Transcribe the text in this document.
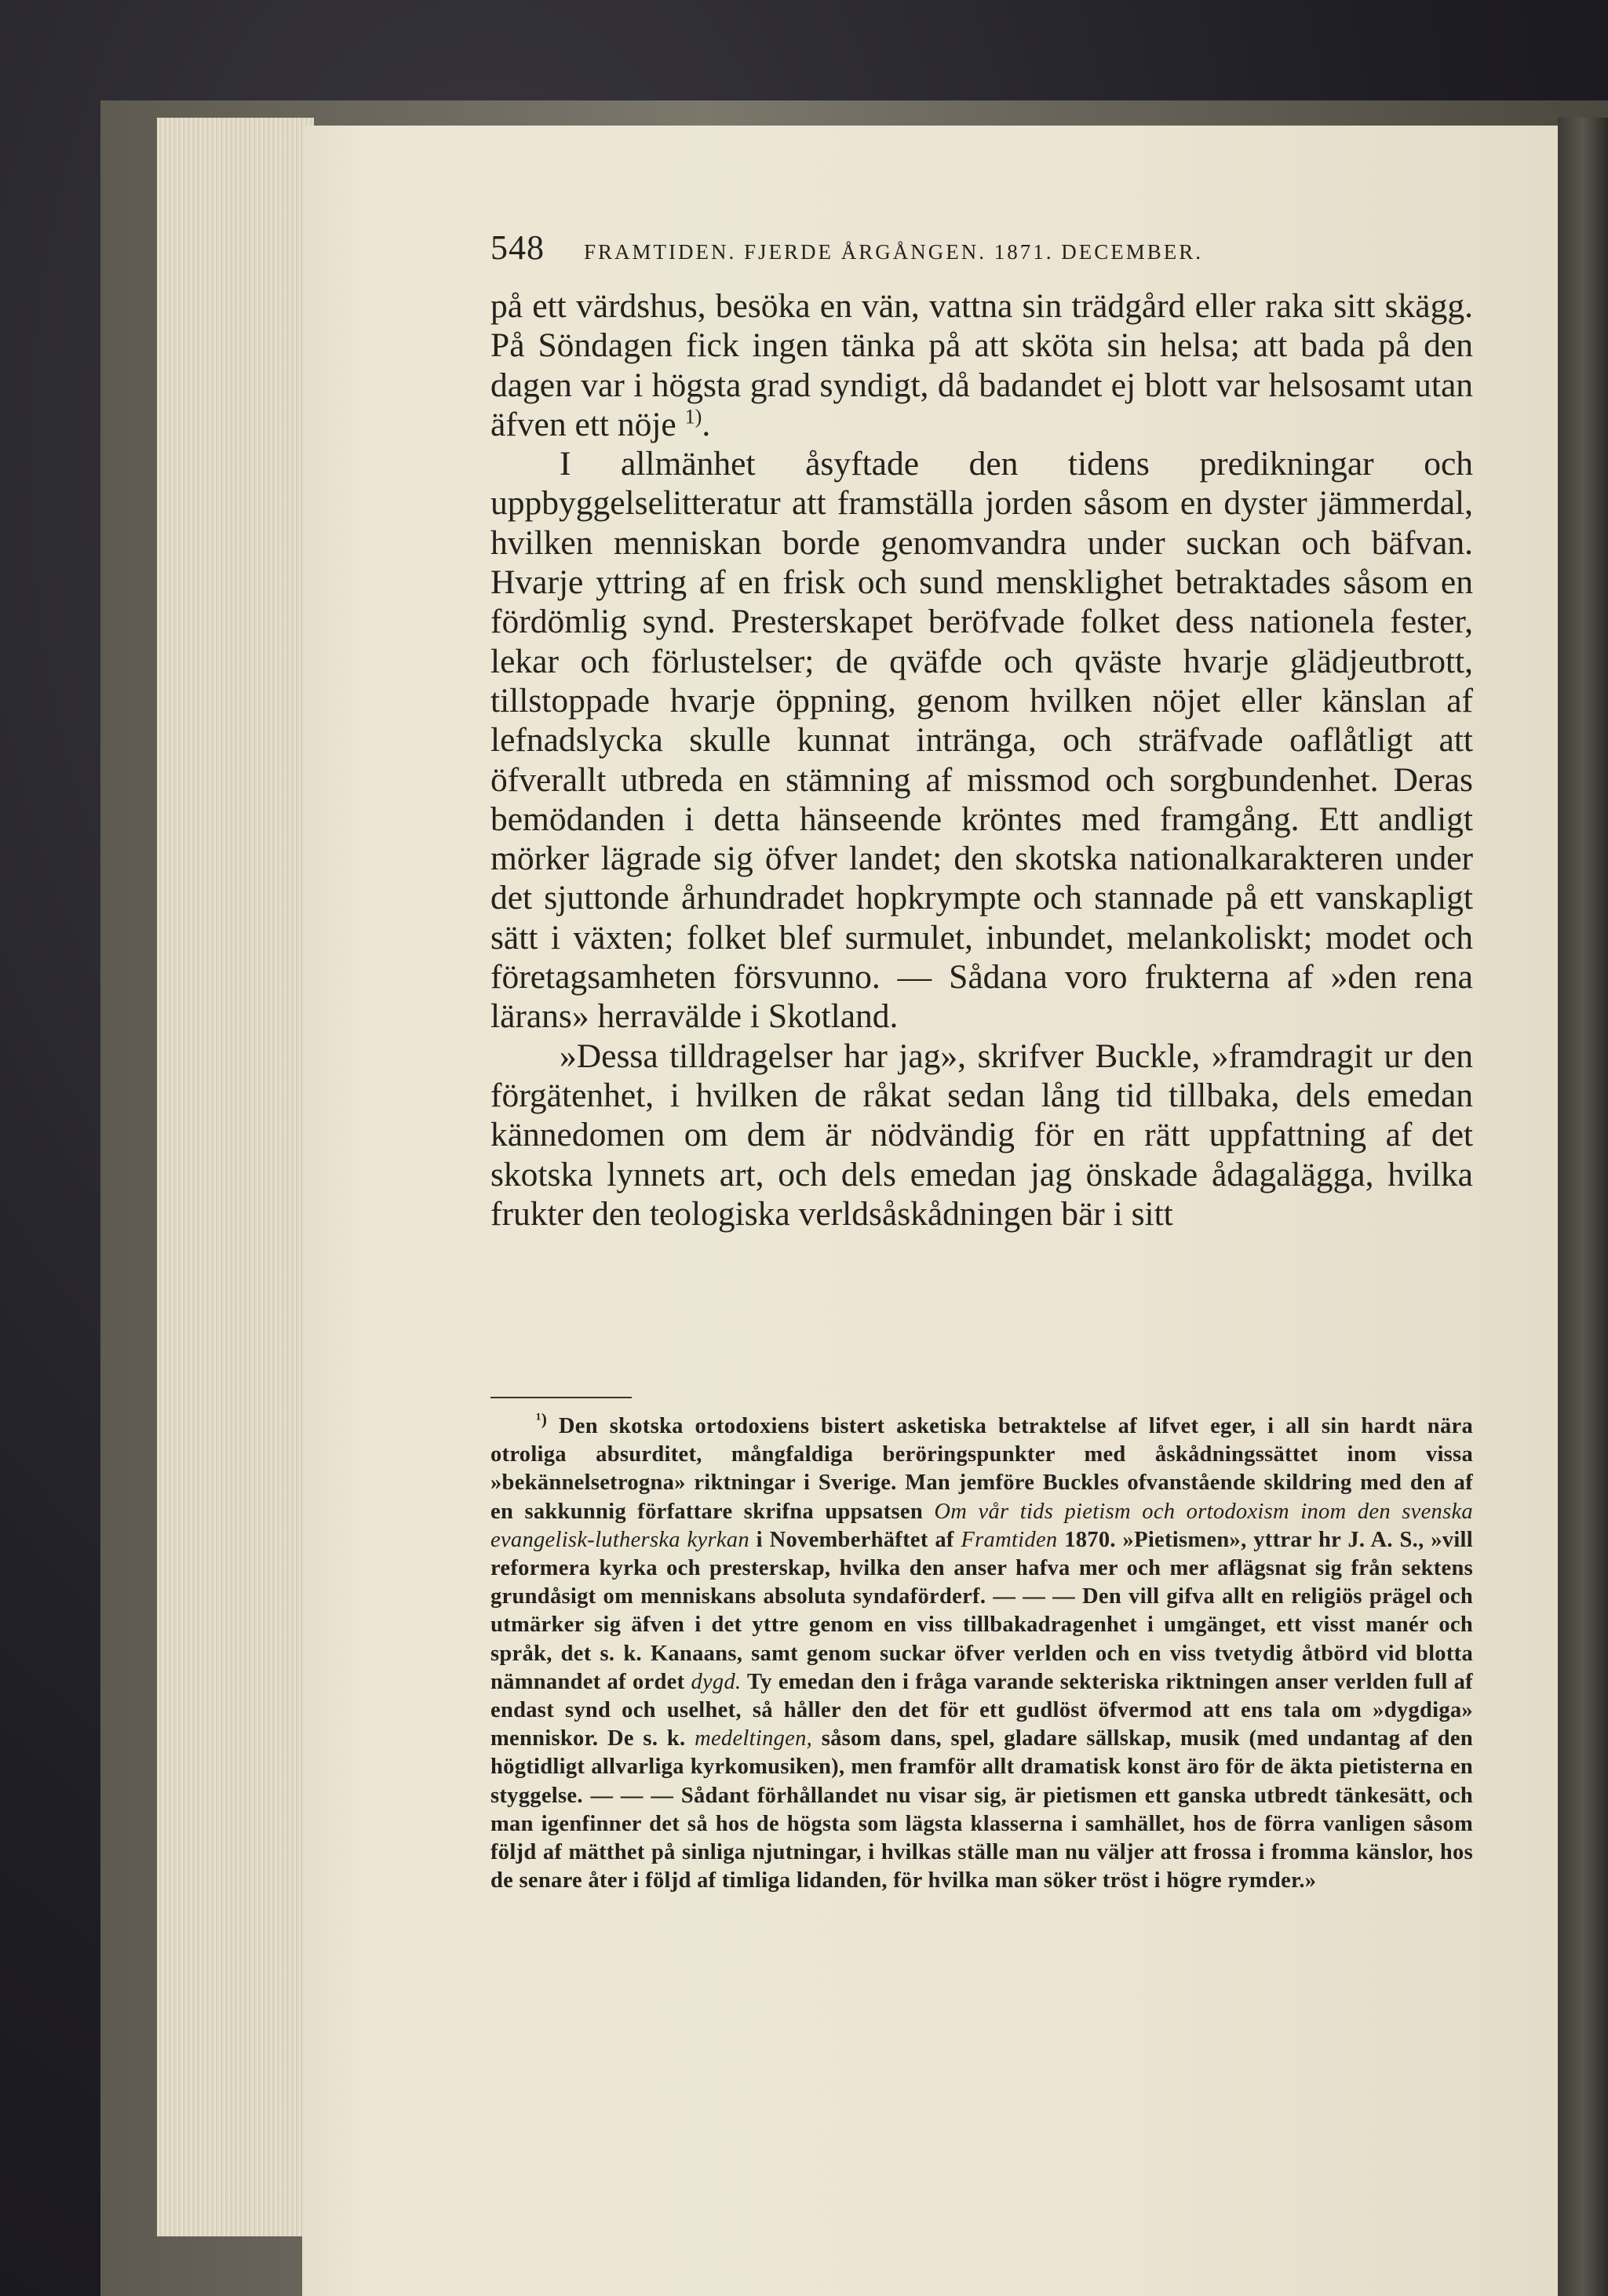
548 FRAMTIDEN. FJERDE ÅRGÅNGEN. 1871. DECEMBER.

på ett värdshus, besöka en vän, vattna sin trädgård eller raka sitt skägg. På Söndagen fick ingen tänka på att sköta sin helsa; att bada på den dagen var i högsta grad syndigt, då badandet ej blott var helsosamt utan äfven ett nöje $^{1)}$.

I allmänhet åsyftade den tidens predikningar och uppbyggelselitteratur att framställa jorden såsom en dyster jämmerdal, hvilken menniskan borde genomvandra under suckan och bäfvan. Hvarje yttring af en frisk och sund mensklighet betraktades såsom en fördömlig synd. Presterskapet beröfvade folket dess nationela fester, lekar och förlustelser; de qväfde och qväste hvarje glädjeutbrott, tillstoppade hvarje öppning, genom hvilken nöjet eller känslan af lefnadslycka skulle kunnat intränga, och sträfvade oaflåtligt att öfverallt utbreda en stämning af missmod och sorgbundenhet. Deras bemödanden i detta hänseende kröntes med framgång. Ett andligt mörker lägrade sig öfver landet; den skotska nationalkarakteren under det sjuttonde århundradet hopkrympte och stannade på ett vanskapligt sätt i växten; folket blef surmulet, inbundet, melankoliskt; modet och företagsamheten försvunno. — Sådana voro frukterna af »den rena lärans» herravälde i Skotland.

»Dessa tilldragelser har jag», skrifver Buckle, »framdragit ur den förgätenhet, i hvilken de råkat sedan lång tid tillbaka, dels emedan kännedomen om dem är nödvändig för en rätt uppfattning af det skotska lynnets art, och dels emedan jag önskade ådagalägga, hvilka frukter den teologiska verldsåskådningen bär i sitt

$^{^1)}$ Den skotska ortodoxiens bistert asketiska betraktelse af lifvet eger, i all sin hardt nära otroliga absurditet, mångfaldiga beröringspunkter med åskådningssättet inom vissa »bekännelsetrogna» riktningar i Sverige. Man jemföre Buckles ofvanstående skildring med den af en sakkunnig författare skrifna uppsatsen Om vår tids pietism och ortodoxism inom den svenska evangelisk-lutherska kyrkan i Novemberhäftet af Framtiden 1870. »Pietismen», yttrar hr J. A. S., »vill reformera kyrka och presterskap, hvilka den anser hafva mer och mer aflägsnat sig från sektens grundåsigt om menniskans absoluta syndaförderf. — — — Den vill gifva allt en religiös prägel och utmärker sig äfven i det yttre genom en viss tillbakadragenhet i umgänget, ett visst manér och språk, det s. k. Kanaans, samt genom suckar öfver verlden och en viss tvetydig åtbörd vid blotta nämnandet af ordet dygd. Ty emedan den i fråga varande sekteriska riktningen anser verlden full af endast synd och uselhet, så håller den det för ett gudlöst öfvermod att ens tala om »dygdiga» menniskor. De s. k. medeltingen, såsom dans, spel, gladare sällskap, musik (med undantag af den högtidligt allvarliga kyrkomusiken), men framför allt dramatisk konst äro för de äkta pietisterna en styggelse. — — — Sådant förhållandet nu visar sig, är pietismen ett ganska utbredt tänkesätt, och man igenfinner det så hos de högsta som lägsta klasserna i samhället, hos de förra vanligen såsom följd af mätthet på sinliga njutningar, i hvilkas ställe man nu väljer att frossa i fromma känslor, hos de senare åter i följd af timliga lidanden, för hvilka man söker tröst i högre rymder.»
